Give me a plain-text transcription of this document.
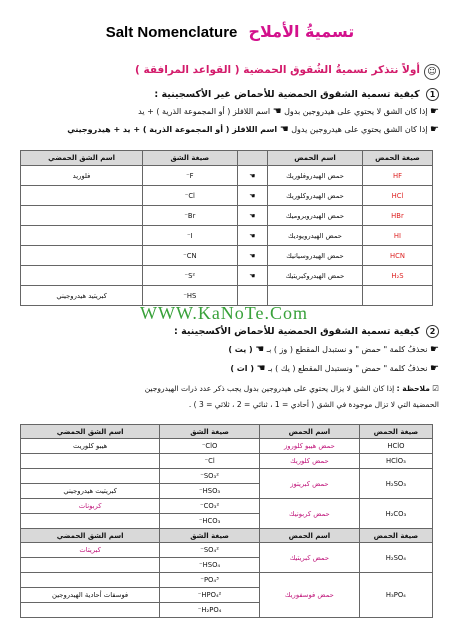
Salt Nomenclature تسميةُ الأملاح
☺
أولاً نتذكر تسميةُ الشُقوق الحمضية ( القواعد المرافقة )
1 كيفية تسمية الشقوق الحمضية للأحماض غير الأكسجينية :
☛ إذا كان الشق لا يحتوي على هيدروجين بدول ☚ اسم اللافلز ( أو المجموعة الذرية ) + يد
☛ إذا كان الشق يحتوي على هيدروجين يدول ☚ اسم اللافلز ( أو المجموعة الذرية ) + يد + هيدروجيني
صيغة الحمض	اسم الحمض		صيغة الشق	اسم الشق الحمضي
HF	حمض الهيدروفلوريك	☚	F⁻	فلوريد
HCl	حمض الهيدروكلوريك	☚	Cl⁻	
HBr	حمض الهيدروبروميك	☚	Br⁻	
HI	حمض الهيدرويوديك	☚	I⁻	
HCN	حمض الهيدروسيانيك	☚	CN⁻	
H₂S	حمض الهيدروكبريتيك	☚	S²⁻	
			HS⁻	كبريتيد هيدروجيني
WWW.KaNoTe.Com
2 كيفية تسمية الشقوق الحمضية للأحماض الأكسجينية :
☛ نحذفُ كلمة " حمض " و نستبدل المقطع ( وز ) بـ ☚ ( يت )
☛ نحذفُ كلمة " حمض " ونستبدل المقطع ( يك ) بـ ☚ ( ات )
☑ ملاحظة : إذا كان الشق لا يزال يحتوي على هيدروجين بدول يجب ذكر عدد ذرات الهيدروجين
الحمضية التي لا تزال موجودة في الشق ( أحادي = 1 ، ثنائي = 2 ، ثلاثي = 3 ) .
صيغة الحمض	اسم الحمض	صيغة الشق	اسم الشق الحمضي
HClO	حمض هيبو كلوروز	ClO⁻	هيبو كلوريت
HClO₃	حمض كلوريك	Cl⁻	
H₂SO₃	حمض كبريتوز	SO₃²⁻	
		HSO₃⁻	كبريتيت هيدروجيني
H₂CO₃	حمض كربونيك	CO₃²⁻	كربونات
		HCO₃⁻	
صيغة الحمض	اسم الحمض	صيغة الشق	اسم الشق الحمضي
H₂SO₄	حمض كبريتيك	SO₄²⁻	كبريتات
		HSO₄⁻	
H₃PO₄	حمض فوسفوريك	PO₄³⁻	
		HPO₄²⁻	فوسفات أحادية الهيدروجين
		H₂PO₄⁻	
